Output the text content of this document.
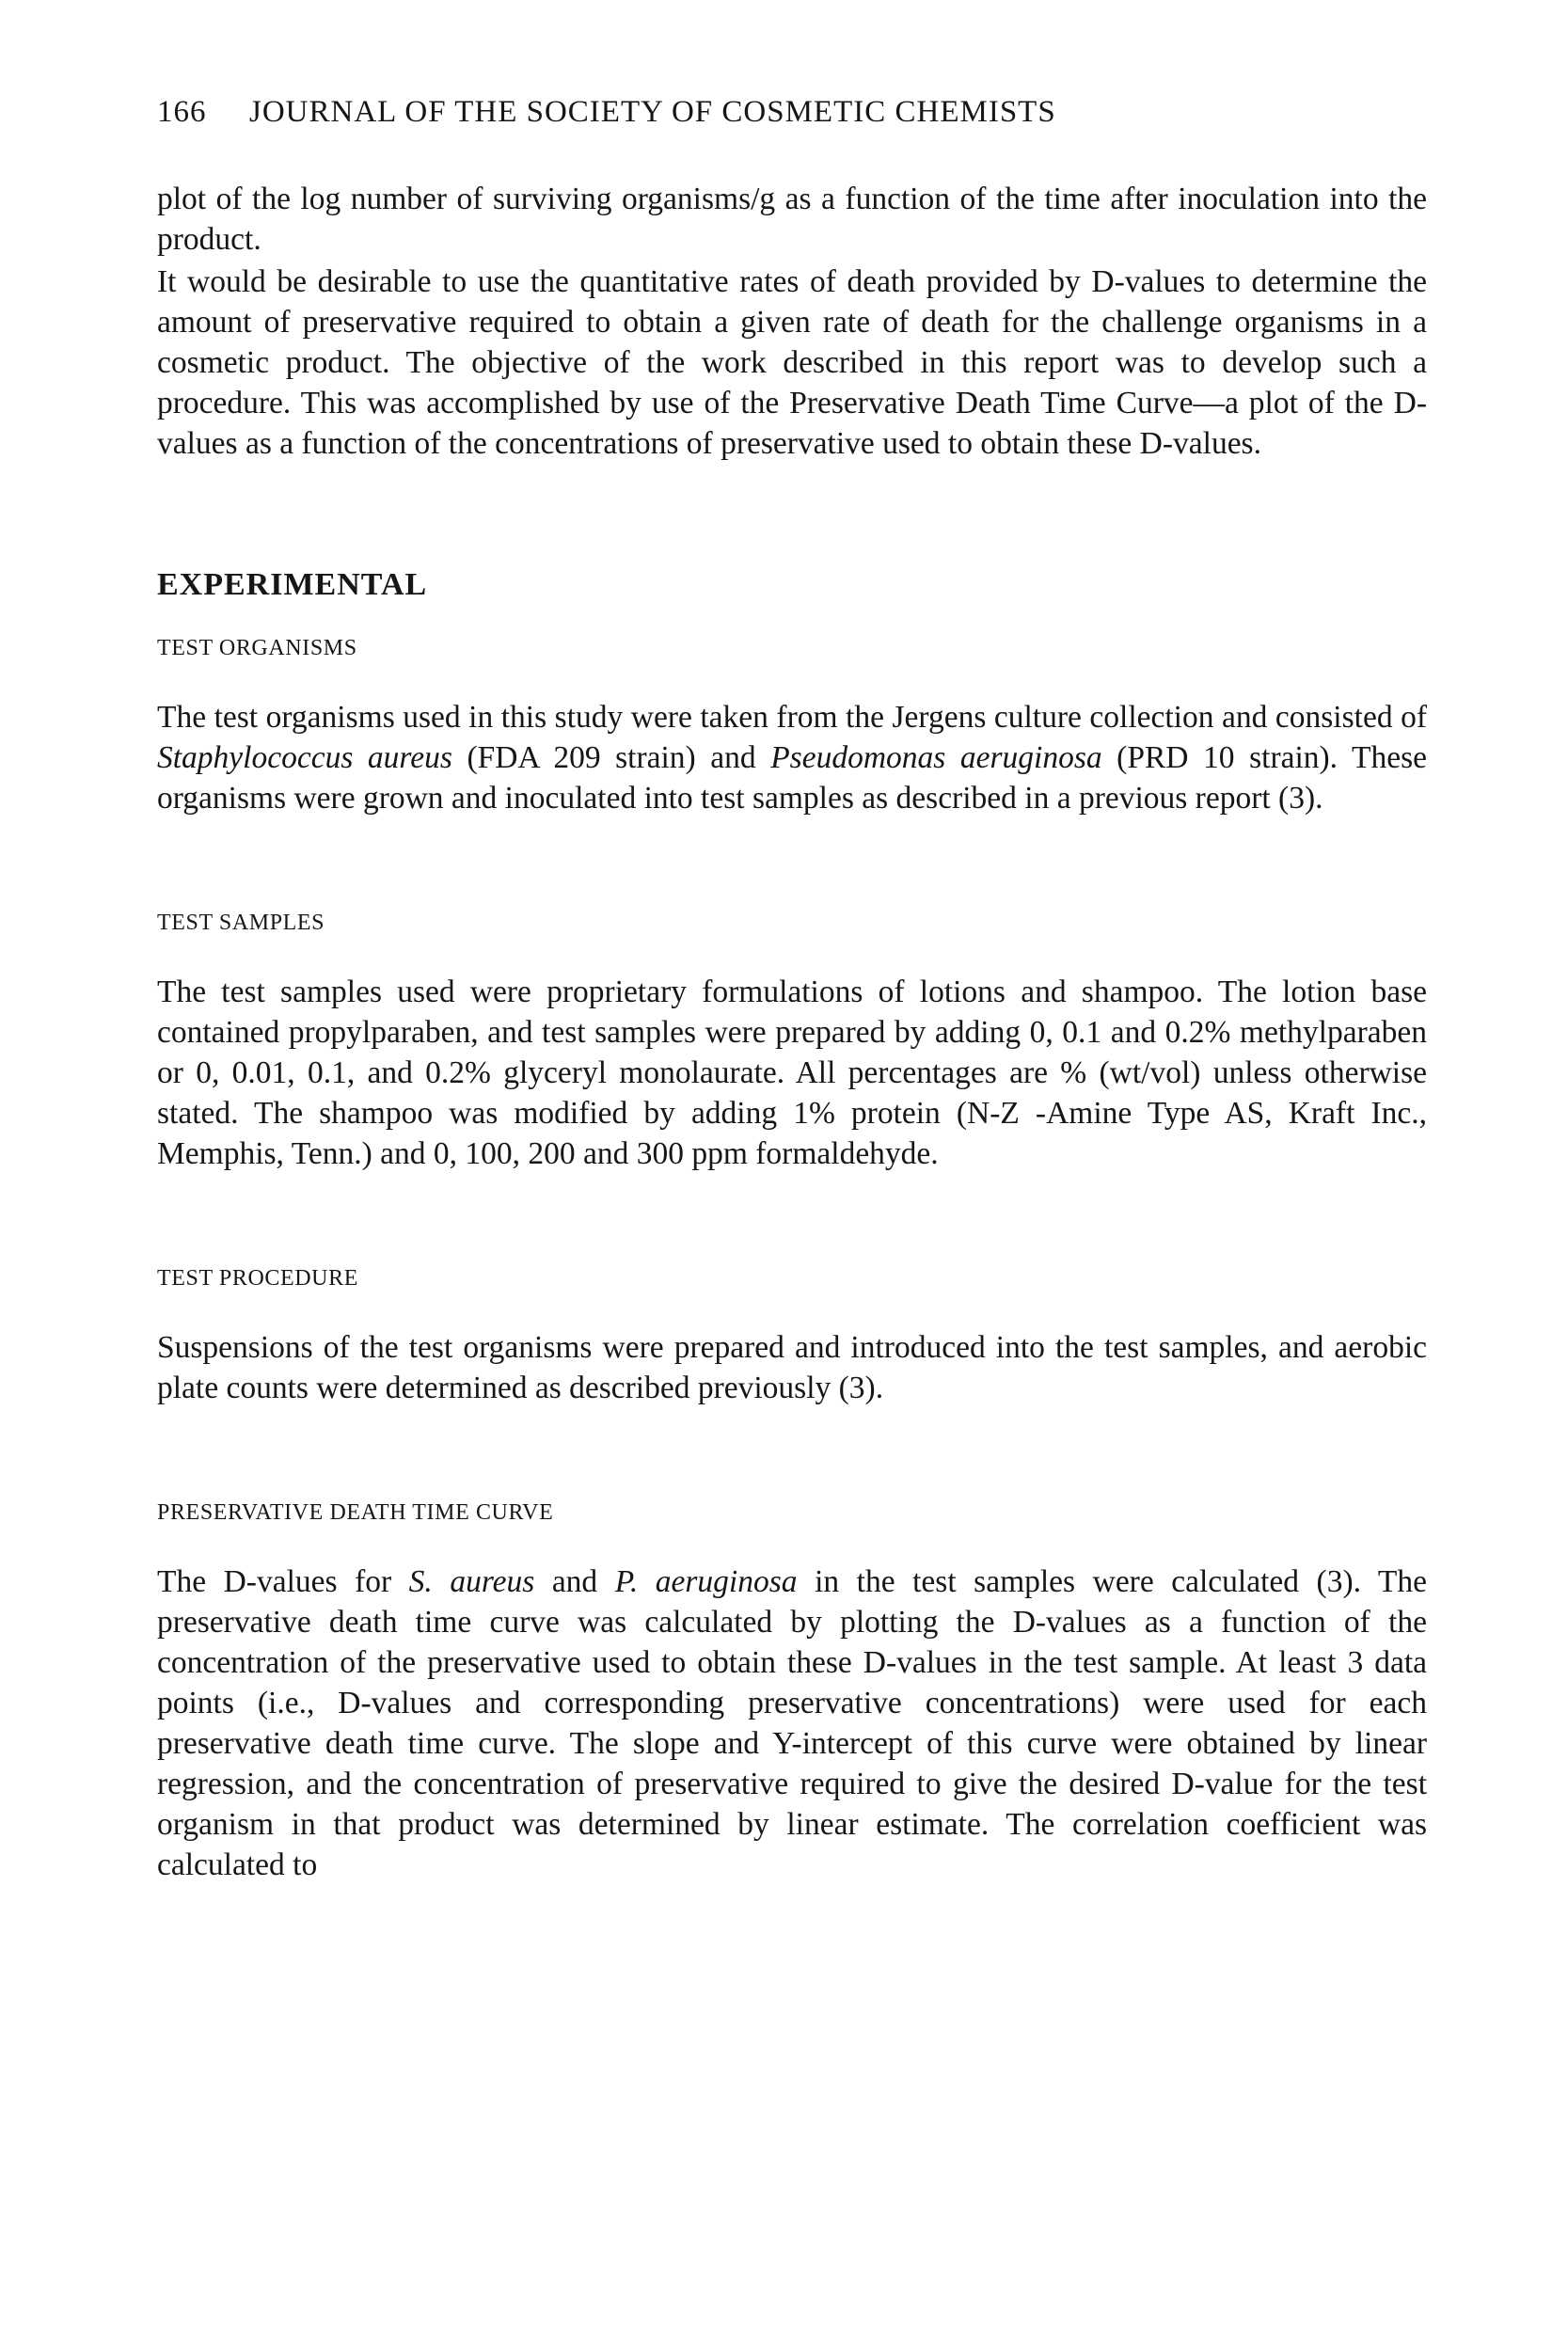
166 JOURNAL OF THE SOCIETY OF COSMETIC CHEMISTS

plot of the log number of surviving organisms/g as a function of the time after inoculation into the product.

It would be desirable to use the quantitative rates of death provided by D-values to determine the amount of preservative required to obtain a given rate of death for the challenge organisms in a cosmetic product. The objective of the work described in this report was to develop such a procedure. This was accomplished by use of the Preservative Death Time Curve—a plot of the D-values as a function of the concentrations of preservative used to obtain these D-values.

EXPERIMENTAL
TEST ORGANISMS

The test organisms used in this study were taken from the Jergens culture collection and consisted of Staphylococcus aureus (FDA 209 strain) and Pseudomonas aeruginosa (PRD 10 strain). These organisms were grown and inoculated into test samples as described in a previous report (3).

TEST SAMPLES

The test samples used were proprietary formulations of lotions and shampoo. The lotion base contained propylparaben, and test samples were prepared by adding 0, 0.1 and 0.2% methylparaben or 0, 0.01, 0.1, and 0.2% glyceryl monolaurate. All percentages are % (wt/vol) unless otherwise stated. The shampoo was modified by adding 1% protein (N-Z -Amine Type AS, Kraft Inc., Memphis, Tenn.) and 0, 100, 200 and 300 ppm formaldehyde.

TEST PROCEDURE

Suspensions of the test organisms were prepared and introduced into the test samples, and aerobic plate counts were determined as described previously (3).

PRESERVATIVE DEATH TIME CURVE

The D-values for S. aureus and P. aeruginosa in the test samples were calculated (3). The preservative death time curve was calculated by plotting the D-values as a function of the concentration of the preservative used to obtain these D-values in the test sample. At least 3 data points (i.e., D-values and corresponding preservative concentrations) were used for each preservative death time curve. The slope and Y-intercept of this curve were obtained by linear regression, and the concentration of preservative required to give the desired D-value for the test organism in that product was determined by linear estimate. The correlation coefficient was calculated to
